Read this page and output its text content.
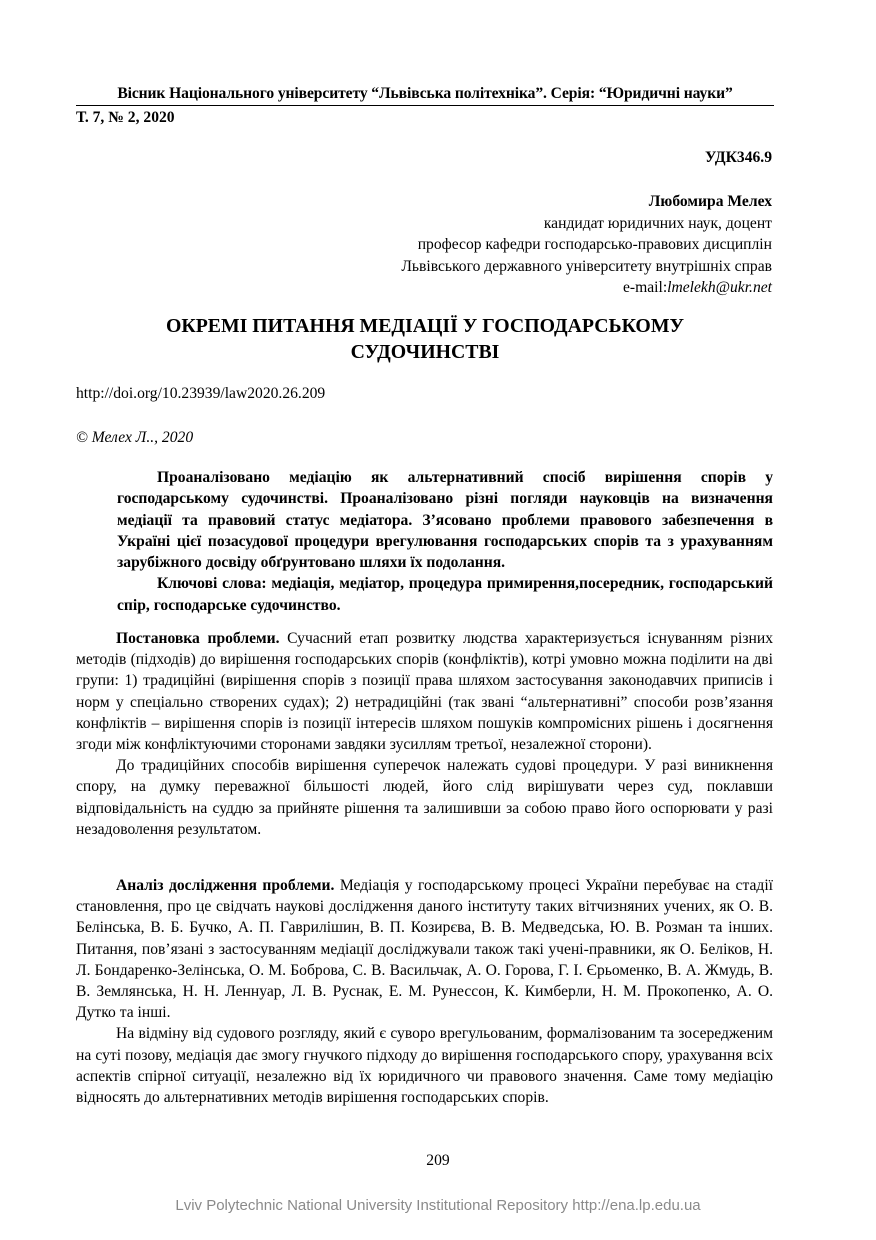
Вісник Національного університету “Львівська політехніка”. Серія: “Юридичні науки”
Т. 7, № 2, 2020
УДК346.9
Любомира Мелех
кандидат юридичних наук, доцент
професор кафедри господарсько-правових дисциплін
Львівського державного університету внутрішніх справ
e-mail:lmelekh@ukr.net
ОКРЕМІ ПИТАННЯ МЕДІАЦІЇ У ГОСПОДАРСЬКОМУ
СУДОЧИНСТВІ
http://doi.org/10.23939/law2020.26.209
© Мелех Л.., 2020

Проаналізовано медіацію як альтернативний спосіб вирішення спорів у господарському судочинстві. Проаналізовано різні погляди науковців на визначення медіації та правовий статус медіатора. З’ясовано проблеми правового забезпечення в Україні цієї позасудової процедури врегулювання господарських спорів та з урахуванням зарубіжного досвіду обґрунтовано шляхи їх подолання.

Ключові слова: медіація, медіатор, процедура примирення,посередник, господарський спір, господарське судочинство.

Постановка проблеми. Сучасний етап розвитку людства характеризується існуванням різних методів (підходів) до вирішення господарських спорів (конфліктів), котрі умовно можна поділити на дві групи: 1) традиційні (вирішення спорів з позиції права шляхом застосування законодавчих приписів і норм у спеціально створених судах); 2) нетрадиційні (так звані “альтернативні” способи розв’язання конфліктів – вирішення спорів із позиції інтересів шляхом пошуків компромісних рішень і досягнення згоди між конфліктуючими сторонами завдяки зусиллям третьої, незалежної сторони).

До традиційних способів вирішення суперечок належать судові процедури. У разі виникнення спору, на думку переважної більшості людей, його слід вирішувати через суд, поклавши відповідальність на суддю за прийняте рішення та залишивши за собою право його оспорювати у разі незадоволення результатом.

Аналіз дослідження проблеми. Медіація у господарському процесі України перебуває на стадії становлення, про це свідчать наукові дослідження даного інституту таких вітчизняних учених, як О. В. Белінська, В. Б. Бучко, А. П. Гаврилішин, В. П. Козирєва, В. В. Медведська, Ю. В. Розман та інших. Питання, пов’язані з застосуванням медіації досліджували також такі учені-правники, як О. Беліков, Н. Л. Бондаренко-Зелінська, О. М. Боброва, С. В. Васильчак, А. О. Горова, Г. І. Єрьоменко, В. А. Жмудь, В. В. Землянська, Н. Н. Леннуар, Л. В. Руснак, Е. М. Рунессон, К. Кимберли, Н. М. Прокопенко, А. О. Дутко та інші.

На відміну від судового розгляду, який є суворо врегульованим, формалізованим та зосередженим на суті позову, медіація дає змогу гнучкого підходу до вирішення господарського спору, урахування всіх аспектів спірної ситуації, незалежно від їх юридичного чи правового значення. Саме тому медіацію відносять до альтернативних методів вирішення господарських спорів.

209
Lviv Polytechnic National University Institutional Repository http://ena.lp.edu.ua
